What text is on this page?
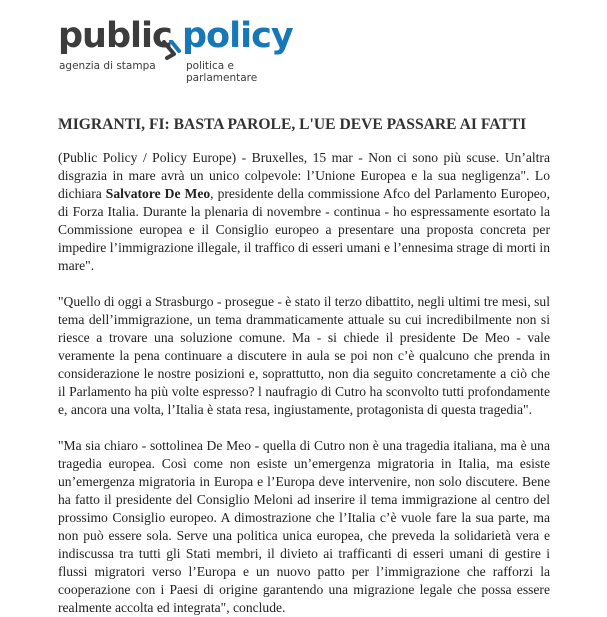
public policy
agenzia di stampa	politica e parlamentare
MIGRANTI, FI: BASTA PAROLE, L'UE DEVE PASSARE AI FATTI

(Public Policy / Policy Europe) - Bruxelles, 15 mar - Non ci sono più scuse. Un’altra disgrazia in mare avrà un unico colpevole: l’Unione Europea e la sua negligenza". Lo dichiara Salvatore De Meo, presidente della commissione Afco del Parlamento Europeo, di Forza Italia. Durante la plenaria di novembre - continua - ho espressamente esortato la Commissione europea e il Consiglio europeo a presentare una proposta concreta per impedire l’immigrazione illegale, il traffico di esseri umani e l’ennesima strage di morti in mare".

"Quello di oggi a Strasburgo - prosegue - è stato il terzo dibattito, negli ultimi tre mesi, sul tema dell’immigrazione, un tema drammaticamente attuale su cui incredibilmente non si riesce a trovare una soluzione comune. Ma - si chiede il presidente De Meo - vale veramente la pena continuare a discutere in aula se poi non c’è qualcuno che prenda in considerazione le nostre posizioni e, soprattutto, non dia seguito concretamente a ciò che il Parlamento ha più volte espresso? l naufragio di Cutro ha sconvolto tutti profondamente e, ancora una volta, l’Italia è stata resa, ingiustamente, protagonista di questa tragedia".

"Ma sia chiaro - sottolinea De Meo - quella di Cutro non è una tragedia italiana, ma è una tragedia europea. Così come non esiste un’emergenza migratoria in Italia, ma esiste un’emergenza migratoria in Europa e l’Europa deve intervenire, non solo discutere. Bene ha fatto il presidente del Consiglio Meloni ad inserire il tema immigrazione al centro del prossimo Consiglio europeo. A dimostrazione che l’Italia c’è vuole fare la sua parte, ma non può essere sola. Serve una politica unica europea, che preveda la solidarietà vera e indiscussa tra tutti gli Stati membri, il divieto ai trafficanti di esseri umani di gestire i flussi migratori verso l’Europa e un nuovo patto per l’immigrazione che rafforzi la cooperazione con i Paesi di origine garantendo una migrazione legale che possa essere realmente accolta ed integrata", conclude.
